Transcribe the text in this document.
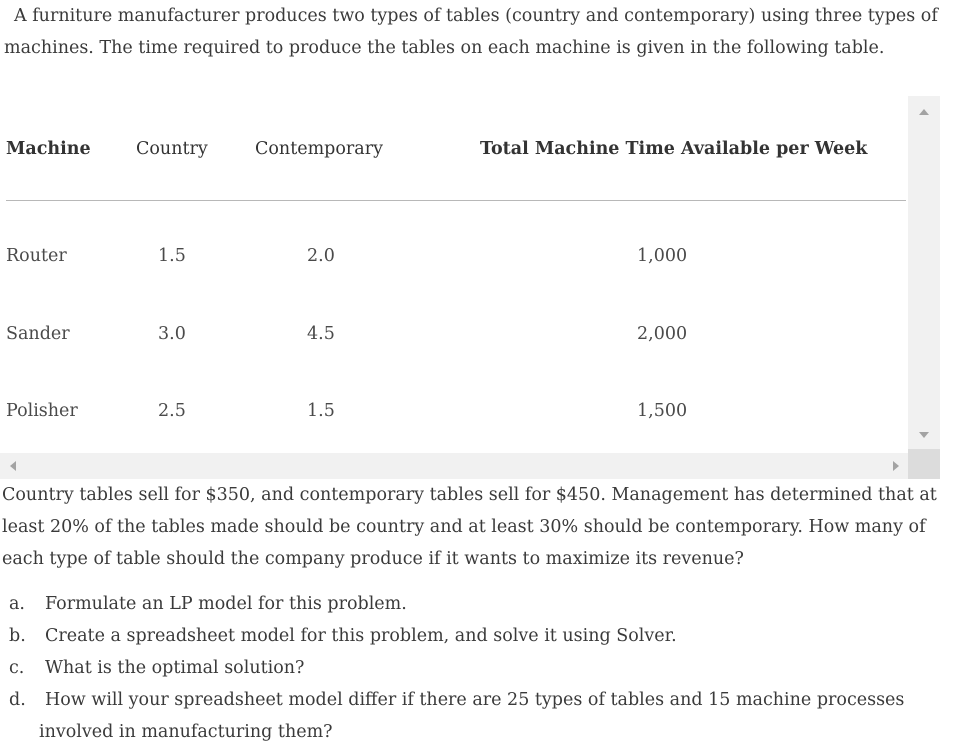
A furniture manufacturer produces two types of tables (country and contemporary) using three types of machines. The time required to produce the tables on each machine is given in the following table.

Machine	Country	Contemporary	Total Machine Time Available per Week
Router	1.5	2.0	1,000
Sander	3.0	4.5	2,000
Polisher	2.5	1.5	1,500

Country tables sell for $350, and contemporary tables sell for $450. Management has determined that at least 20% of the tables made should be country and at least 30% should be contemporary. How many of each type of table should the company produce if it wants to maximize its revenue?

a. Formulate an LP model for this problem.
b. Create a spreadsheet model for this problem, and solve it using Solver.
c. What is the optimal solution?
d. How will your spreadsheet model differ if there are 25 types of tables and 15 machine processes
involved in manufacturing them?
